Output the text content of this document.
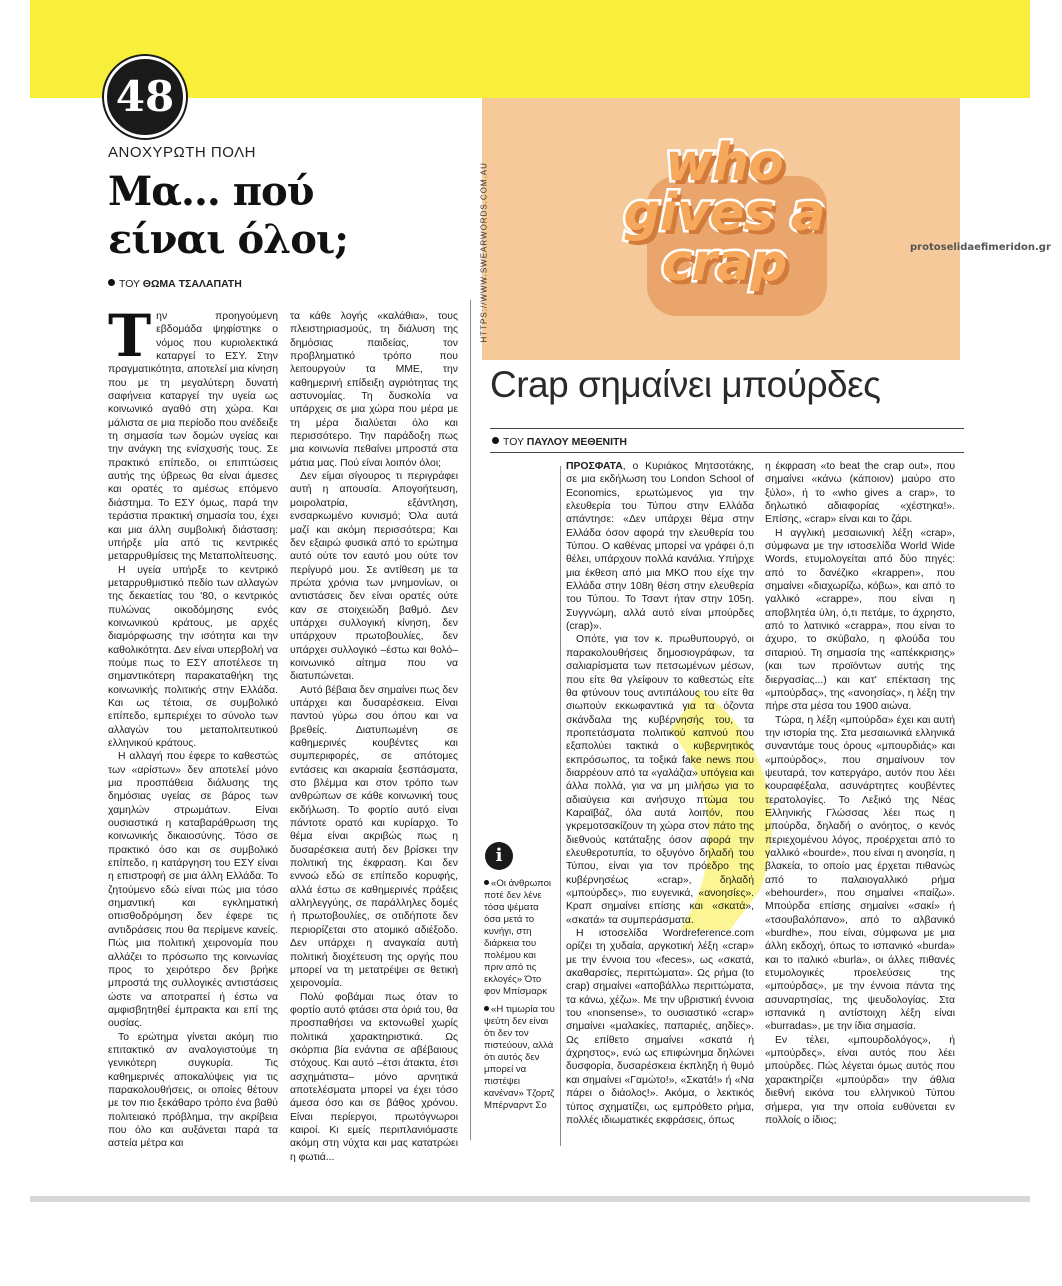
48
ΑΝΟΧΥΡΩΤΗ ΠΟΛΗ
Μα... πού είναι όλοι;
ΤΟΥ ΘΩΜΑ ΤΣΑΛΑΠΑΤΗ

Την προηγούμενη εβδομάδα ψηφίστηκε ο νόμος που κυριολεκτικά καταργεί το ΕΣΥ. Στην πραγματικότητα, αποτελεί μια κίνηση που με τη μεγαλύτερη δυνατή σαφήνεια καταργεί την υγεία ως κοινωνικό αγαθό στη χώρα. Και μάλιστα σε μια περίοδο που ανέδειξε τη σημασία των δομών υγείας και την ανάγκη της ενίσχυσής τους. Σε πρακτικό επίπεδο, οι επιπτώσεις αυτής της ύβρεως θα είναι άμεσες και ορατές το αμέσως επόμενο διάστημα. Το ΕΣΥ όμως, παρά την τεράστια πρακτική σημασία του, έχει και μια άλλη συμβολική διάσταση: υπήρξε μία από τις κεντρικές μεταρρυθμίσεις της Μεταπολίτευσης.

Η υγεία υπήρξε το κεντρικό μεταρρυθμιστικό πεδίο των αλλαγών της δεκαετίας του '80, ο κεντρικός πυλώνας οικοδόμησης ενός κοινωνικού κράτους, με αρχές διαμόρφωσης την ισότητα και την καθολικότητα. Δεν είναι υπερβολή να πούμε πως το ΕΣΥ αποτέλεσε τη σημαντικότερη παρακαταθήκη της κοινωνικής πολιτικής στην Ελλάδα. Και ως τέτοια, σε συμβολικό επίπεδο, εμπεριέχει το σύνολο των αλλαγών του μεταπολιτευτικού ελληνικού κράτους.

Η αλλαγή που έφερε το καθεστώς των «αρίστων» δεν αποτελεί μόνο μια προσπάθεια διάλυσης της δημόσιας υγείας σε βάρος των χαμηλών στρωμάτων. Είναι ουσιαστικά η καταβαράθρωση της κοινωνικής δικαιοσύνης. Τόσο σε πρακτικό όσο και σε συμβολικό επίπεδο, η κατάργηση του ΕΣΥ είναι η επιστροφή σε μια άλλη Ελλάδα. Το ζητούμενο εδώ είναι πώς μια τόσο σημαντική και εγκληματική οπισθοδρόμηση δεν έφερε τις αντιδράσεις που θα περίμενε κανείς. Πώς μια πολιτική χειρονομία που αλλάζει το πρόσωπο της κοινωνίας προς το χειρότερο δεν βρήκε μπροστά της συλλογικές αντιστάσεις ώστε να αποτραπεί ή έστω να αμφισβητηθεί έμπρακτα και επί της ουσίας.

Το ερώτημα γίνεται ακόμη πιο επιτακτικό αν αναλογιστούμε τη γενικότερη συγκυρία. Τις καθημερινές αποκαλύψεις για τις παρακολουθήσεις, οι οποίες θέτουν με τον πιο ξεκάθαρο τρόπο ένα βαθύ πολιτειακό πρόβλημα, την ακρίβεια που όλο και αυξάνεται παρά τα αστεία μέτρα και

τα κάθε λογής «καλάθια», τους πλειστηριασμούς, τη διάλυση της δημόσιας παιδείας, τον προβληματικό τρόπο που λειτουργούν τα ΜΜΕ, την καθημερινή επίδειξη αγριότητας της αστυνομίας. Τη δυσκολία να υπάρχεις σε μια χώρα που μέρα με τη μέρα διαλύεται όλο και περισσότερο. Την παράδοξη πως μια κοινωνία πεθαίνει μπροστά στα μάτια μας. Πού είναι λοιπόν όλοι;

Δεν είμαι σίγουρος τι περιγράφει αυτή η απουσία. Απογοήτευση, μοιρολατρία, εξάντληση, ενσαρκωμένο κυνισμό; Όλα αυτά μαζί και ακόμη περισσότερα; Και δεν εξαιρώ φυσικά από το ερώτημα αυτό ούτε τον εαυτό μου ούτε τον περίγυρό μου. Σε αντίθεση με τα πρώτα χρόνια των μνημονίων, οι αντιστάσεις δεν είναι ορατές ούτε καν σε στοιχειώδη βαθμό. Δεν υπάρχει συλλογική κίνηση, δεν υπάρχουν πρωτοβουλίες, δεν υπάρχει συλλογικό –έστω και θολό– κοινωνικό αίτημα που να διατυπώνεται.

Αυτό βέβαια δεν σημαίνει πως δεν υπάρχει και δυσαρέσκεια. Είναι παντού γύρω σου όπου και να βρεθείς. Διατυπωμένη σε καθημερινές κουβέντες και συμπεριφορές, σε απότομες εντάσεις και ακαριαία ξεσπάσματα, στο βλέμμα και στον τρόπο των ανθρώπων σε κάθε κοινωνική τους εκδήλωση. Το φορτίο αυτό είναι πάντοτε ορατό και κυρίαρχο. Το θέμα είναι ακριβώς πως η δυσαρέσκεια αυτή δεν βρίσκει την πολιτική της έκφραση. Και δεν εννοώ εδώ σε επίπεδο κορυφής, αλλά έστω σε καθημερινές πράξεις αλληλεγγύης, σε παράλληλες δομές ή πρωτοβουλίες, σε οτιδήποτε δεν περιορίζεται στο ατομικό αδιέξοδο. Δεν υπάρχει η αναγκαία αυτή πολιτική διοχέτευση της οργής που μπορεί να τη μετατρέψει σε θετική χειρονομία.

Πολύ φοβάμαι πως όταν το φορτίο αυτό φτάσει στα όριά του, θα προσπαθήσει να εκτονωθεί χωρίς πολιτικά χαρακτηριστικά. Ως σκόρπια βία ενάντια σε αβέβαιους στόχους. Και αυτό –έτσι άτακτα, έτσι ασχημάτιστα– μόνο αρνητικά αποτελέσματα μπορεί να έχει τόσο άμεσα όσο και σε βάθος χρόνου. Είναι περίεργοι, πρωτόγνωροι καιροί. Κι εμείς περιπλανιόμαστε ακόμη στη νύχτα και μας κατατρώει η φωτιά...

who
gives a
crap
HTTPS://WWW.SWEARWORDS.COM.AU	protoselidaefimeridon.gr
Crap σημαίνει μπούρδες
ΤΟΥ ΠΑΥΛΟΥ ΜΕΘΕΝΙΤΗ
i

«Οι άνθρωποι ποτέ δεν λένε τόσα ψέματα όσα μετά το κυνήγι, στη διάρκεια του πολέμου και πριν από τις εκλογές» Ότο φον Μπίσμαρκ

«Η τιμωρία του ψεύτη δεν είναι ότι δεν τον πιστεύουν, αλλά ότι αυτός δεν μπορεί να πιστέψει κανέναν» Τζορτζ Μπέρναρντ Σο

ΠΡΟΣΦΑΤΑ, ο Κυριάκος Μητσοτάκης, σε μια εκδήλωση του London School of Economics, ερωτώμενος για την ελευθερία του Τύπου στην Ελλάδα απάντησε: «Δεν υπάρχει θέμα στην Ελλάδα όσον αφορά την ελευθερία του Τύπου. Ο καθένας μπορεί να γράφει ό,τι θέλει, υπάρχουν πολλά κανάλια. Υπήρχε μια έκθεση από μια ΜΚΟ που είχε την Ελλάδα στην 108η θέση στην ελευθερία του Τύπου. Το Τσαντ ήταν στην 105η. Συγγνώμη, αλλά αυτό είναι μπούρδες (crap)».

Οπότε, για τον κ. πρωθυπουργό, οι παρακολουθήσεις δημοσιογράφων, τα σαλιαρίσματα των πετσωμένων μέσων, που είτε θα γλείφουν το καθεστώς είτε θα φτύνουν τους αντιπάλους του είτε θα σιωπούν εκκωφαντικά για τα όζοντα σκάνδαλα της κυβέρνησής του, τα προπετάσματα πολιτικού καπνού που εξαπολύει τακτικά ο κυβερνητικός εκπρόσωπος, τα τοξικά fake news που διαρρέουν από τα «γαλάζια» υπόγεια και άλλα πολλά, για να μη μιλήσω για το αδιαύγεια και ανήσυχο πτώμα του Καραϊβάζ, όλα αυτά λοιπόν, που γκρεμοτσακίζουν τη χώρα στον πάτο της διεθνούς κατάταξης όσον αφορά την ελευθεροτυπία, το οξυγόνο δηλαδή του Τύπου, είναι για τον πρόεδρο της κυβέρνησέως «crap», δηλαδή «μπούρδες», πιο ευγενικά, «ανοησίες». Κραπ σημαίνει επίσης και «σκατά», «σκατά» τα συμπεράσματα.

Η ιστοσελίδα Wordreference.com ορίζει τη χυδαία, αργκοτική λέξη «crap» με την έννοια του «feces», ως «σκατά, ακαθαρσίες, περιττώματα». Ως ρήμα (to crap) σημαίνει «αποβάλλω περιττώματα, τα κάνω, χέζω». Με την υβριστική έννοια του «nonsense», το ουσιαστικό «crap» σημαίνει «μαλακίες, παπαριές, αηδίες». Ως επίθετο σημαίνει «σκατά ή άχρηστος», ενώ ως επιφώνημα δηλώνει δυσφορία, δυσαρέσκεια έκπληξη ή θυμό και σημαίνει «Γαμώτο!», «Σκατά!» ή «Να πάρει ο διάολος!». Ακόμα, ο λεκτικός τύπος σχηματίζει, ως εμπρόθετο ρήμα, πολλές ιδιωματικές εκφράσεις, όπως

η έκφραση «to beat the crap out», που σημαίνει «κάνω (κάποιον) μαύρο στο ξύλο», ή το «who gives a crap», το δηλωτικό αδιαφορίας «χέστηκα!». Επίσης, «crap» είναι και το ζάρι.

Η αγγλική μεσαιωνική λέξη «crap», σύμφωνα με την ιστοσελίδα World Wide Words, ετυμολογείται από δύο πηγές: από το δανέζικο «krappen», που σημαίνει «διαχωρίζω, κόβω», και από το γαλλικό «crappe», που είναι η αποβλητέα ύλη, ό,τι πετάμε, το άχρηστο, από το λατινικό «crappa», που είναι το άχυρο, το σκύβαλο, η φλούδα του σιταριού. Τη σημασία της «απέκκρισης» (και των προϊόντων αυτής της διεργασίας...) και κατ' επέκταση της «μπούρδας», της «ανοησίας», η λέξη την πήρε στα μέσα του 1900 αιώνα.

Τώρα, η λέξη «μπούρδα» έχει και αυτή την ιστορία της. Στα μεσαιωνικά ελληνικά συναντάμε τους όρους «μπουρδιάς» και «μπούρδος», που σημαίνουν τον ψευταρά, τον κατεργάρο, αυτόν που λέει κουραφέξαλα, ασυνάρτητες κουβέντες τερατολογίες. Το Λεξικό της Νέας Ελληνικής Γλώσσας λέει πως η μπούρδα, δηλαδή ο ανόητος, ο κενός περιεχομένου λόγος, προέρχεται από το γαλλικό «bourde», που είναι η ανοησία, η βλακεία, το οποίο μας έρχεται πιθανώς από το παλαιογαλλικό ρήμα «behourder», που σημαίνει «παίζω». Μπούρδα επίσης σημαίνει «σακί» ή «τσουβαλόπανο», από το αλβανικό «burdhe», που είναι, σύμφωνα με μια άλλη εκδοχή, όπως το ισπανικό «burda» και το ιταλικό «burla», οι άλλες πιθανές ετυμολογικές προελεύσεις της «μπούρδας», με την έννοια πάντα της ασυναρτησίας, της ψευδολογίας. Στα ισπανικά η αντίστοιχη λέξη είναι «burradas», με την ίδια σημασία.

Εν τέλει, «μπουρδολόγος», ή «μπούρδες», είναι αυτός που λέει μπούρδες. Πώς λέγεται όμως αυτός που χαρακτηρίζει «μπούρδα» την άθλια διεθνή εικόνα του ελληνικού Τύπου σήμερα, για την οποία ευθύνεται εν πολλοίς ο ίδιος;
